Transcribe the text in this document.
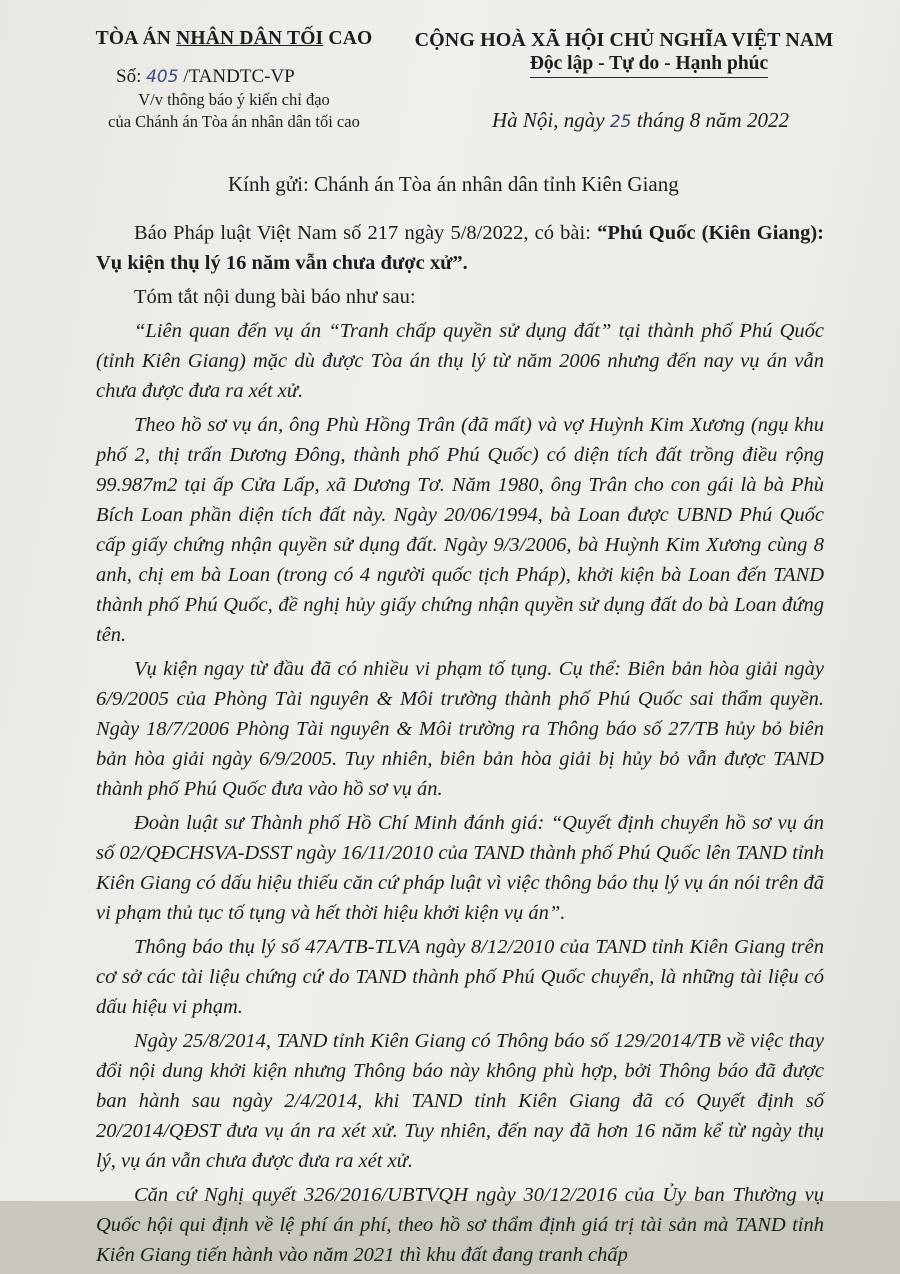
TÒA ÁN NHÂN DÂN TỐI CAO
Số: 405 /TANDTC-VP
V/v thông báo ý kiến chỉ đạo
của Chánh án Tòa án nhân dân tối cao
CỘNG HOÀ XÃ HỘI CHỦ NGHĨA VIỆT NAM
Độc lập - Tự do - Hạnh phúc
Hà Nội, ngày 25 tháng 8 năm 2022
Kính gửi: Chánh án Tòa án nhân dân tỉnh Kiên Giang

Báo Pháp luật Việt Nam số 217 ngày 5/8/2022, có bài: “Phú Quốc (Kiên Giang): Vụ kiện thụ lý 16 năm vẫn chưa được xử”.

Tóm tắt nội dung bài báo như sau:

“Liên quan đến vụ án “Tranh chấp quyền sử dụng đất” tại thành phố Phú Quốc (tỉnh Kiên Giang) mặc dù được Tòa án thụ lý từ năm 2006 nhưng đến nay vụ án vẫn chưa được đưa ra xét xử.

Theo hồ sơ vụ án, ông Phù Hồng Trân (đã mất) và vợ Huỳnh Kim Xương (ngụ khu phố 2, thị trấn Dương Đông, thành phố Phú Quốc) có diện tích đất trồng điều rộng 99.987m2 tại ấp Cửa Lấp, xã Dương Tơ. Năm 1980, ông Trân cho con gái là bà Phù Bích Loan phần diện tích đất này. Ngày 20/06/1994, bà Loan được UBND Phú Quốc cấp giấy chứng nhận quyền sử dụng đất. Ngày 9/3/2006, bà Huỳnh Kim Xương cùng 8 anh, chị em bà Loan (trong có 4 người quốc tịch Pháp), khởi kiện bà Loan đến TAND thành phố Phú Quốc, đề nghị hủy giấy chứng nhận quyền sử dụng đất do bà Loan đứng tên.

Vụ kiện ngay từ đầu đã có nhiều vi phạm tố tụng. Cụ thể: Biên bản hòa giải ngày 6/9/2005 của Phòng Tài nguyên & Môi trường thành phố Phú Quốc sai thẩm quyền. Ngày 18/7/2006 Phòng Tài nguyên & Môi trường ra Thông báo số 27/TB hủy bỏ biên bản hòa giải ngày 6/9/2005. Tuy nhiên, biên bản hòa giải bị hủy bỏ vẫn được TAND thành phố Phú Quốc đưa vào hồ sơ vụ án.

Đoàn luật sư Thành phố Hồ Chí Minh đánh giá: “Quyết định chuyển hồ sơ vụ án số 02/QĐCHSVA-DSST ngày 16/11/2010 của TAND thành phố Phú Quốc lên TAND tỉnh Kiên Giang có dấu hiệu thiếu căn cứ pháp luật vì việc thông báo thụ lý vụ án nói trên đã vi phạm thủ tục tố tụng và hết thời hiệu khởi kiện vụ án”.

Thông báo thụ lý số 47A/TB-TLVA ngày 8/12/2010 của TAND tỉnh Kiên Giang trên cơ sở các tài liệu chứng cứ do TAND thành phố Phú Quốc chuyển, là những tài liệu có dấu hiệu vi phạm.

Ngày 25/8/2014, TAND tỉnh Kiên Giang có Thông báo số 129/2014/TB về việc thay đổi nội dung khởi kiện nhưng Thông báo này không phù hợp, bởi Thông báo đã được ban hành sau ngày 2/4/2014, khi TAND tỉnh Kiên Giang đã có Quyết định số 20/2014/QĐST đưa vụ án ra xét xử. Tuy nhiên, đến nay đã hơn 16 năm kể từ ngày thụ lý, vụ án vẫn chưa được đưa ra xét xử.

Căn cứ Nghị quyết 326/2016/UBTVQH ngày 30/12/2016 của Ủy ban Thường vụ Quốc hội qui định về lệ phí án phí, theo hồ sơ thẩm định giá trị tài sản mà TAND tỉnh Kiên Giang tiến hành vào năm 2021 thì khu đất đang tranh chấp
